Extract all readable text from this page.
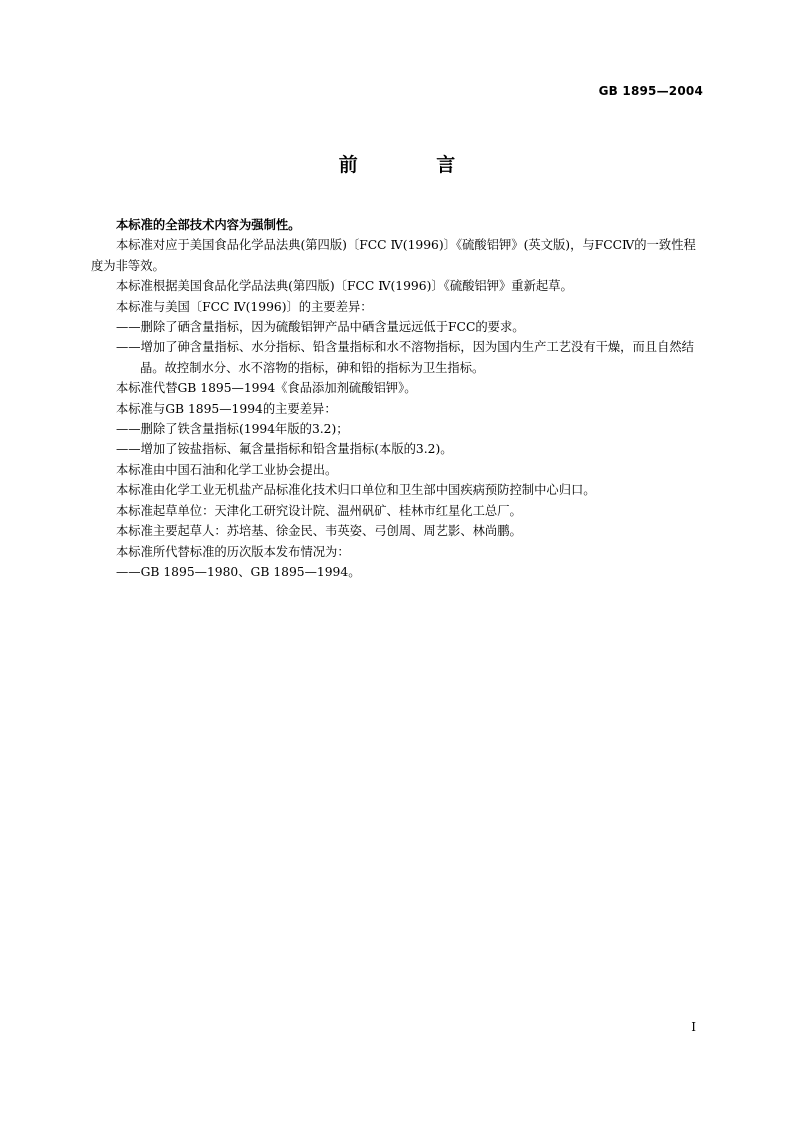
GB 1895—2004
前 言

本标准的全部技术内容为强制性。

本标准对应于美国食品化学品法典(第四版)〔FCC Ⅳ(1996)〕《硫酸铝钾》(英文版)，与FCCⅣ的一致性程度为非等效。

本标准根据美国食品化学品法典(第四版)〔FCC Ⅳ(1996)〕《硫酸铝钾》重新起草。

本标准与美国〔FCC Ⅳ(1996)〕的主要差异：

——删除了硒含量指标，因为硫酸铝钾产品中硒含量远远低于FCC的要求。

——增加了砷含量指标、水分指标、铅含量指标和水不溶物指标，因为国内生产工艺没有干燥，而且自然结晶。故控制水分、水不溶物的指标，砷和铅的指标为卫生指标。

本标准代替GB 1895—1994《食品添加剂硫酸铝钾》。

本标准与GB 1895—1994的主要差异：

——删除了铁含量指标(1994年版的3.2)；

——增加了铵盐指标、氟含量指标和铅含量指标(本版的3.2)。

本标准由中国石油和化学工业协会提出。

本标准由化学工业无机盐产品标准化技术归口单位和卫生部中国疾病预防控制中心归口。

本标准起草单位：天津化工研究设计院、温州矾矿、桂林市红星化工总厂。

本标准主要起草人：苏培基、徐金民、韦英姿、弓创周、周艺影、林尚鹏。

本标准所代替标准的历次版本发布情况为：

——GB 1895—1980、GB 1895—1994。

I
